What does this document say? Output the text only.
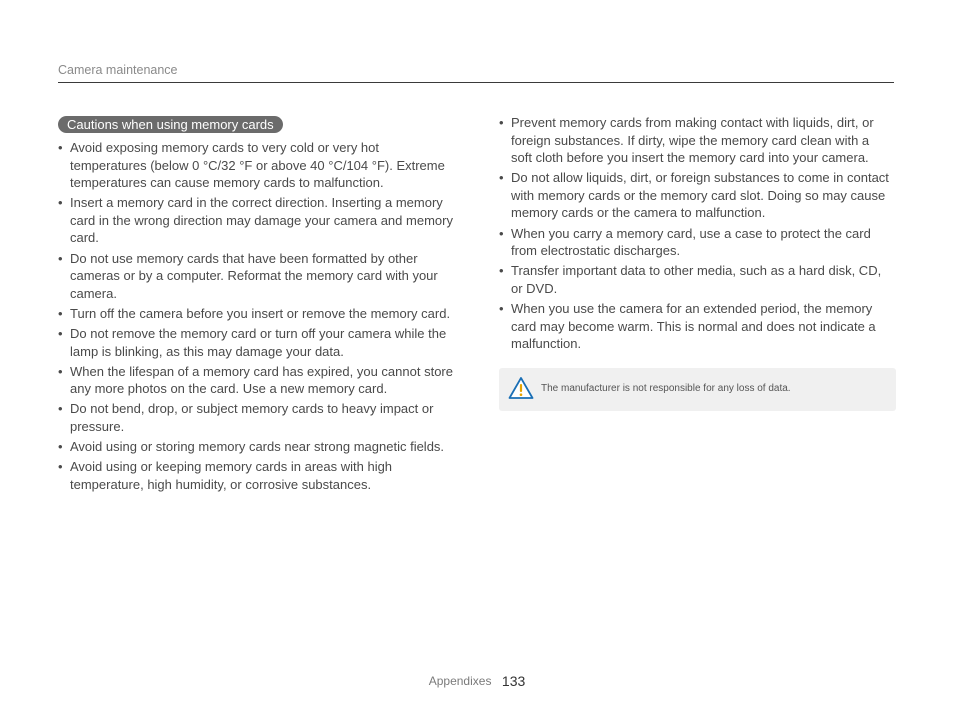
Camera maintenance
Cautions when using memory cards
• Avoid exposing memory cards to very cold or very hot temperatures (below 0 °C/32 °F or above 40 °C/104 °F). Extreme temperatures can cause memory cards to malfunction.
• Insert a memory card in the correct direction. Inserting a memory card in the wrong direction may damage your camera and memory card.
• Do not use memory cards that have been formatted by other cameras or by a computer. Reformat the memory card with your camera.
• Turn off the camera before you insert or remove the memory card.
• Do not remove the memory card or turn off your camera while the lamp is blinking, as this may damage your data.
• When the lifespan of a memory card has expired, you cannot store any more photos on the card. Use a new memory card.
• Do not bend, drop, or subject memory cards to heavy impact or pressure.
• Avoid using or storing memory cards near strong magnetic fields.
• Avoid using or keeping memory cards in areas with high temperature, high humidity, or corrosive substances.
• Prevent memory cards from making contact with liquids, dirt, or foreign substances. If dirty, wipe the memory card clean with a soft cloth before you insert the memory card into your camera.
• Do not allow liquids, dirt, or foreign substances to come in contact with memory cards or the memory card slot. Doing so may cause memory cards or the camera to malfunction.
• When you carry a memory card, use a case to protect the card from electrostatic discharges.
• Transfer important data to other media, such as a hard disk, CD, or DVD.
• When you use the camera for an extended period, the memory card may become warm. This is normal and does not indicate a malfunction.
The manufacturer is not responsible for any loss of data.
Appendixes 133
